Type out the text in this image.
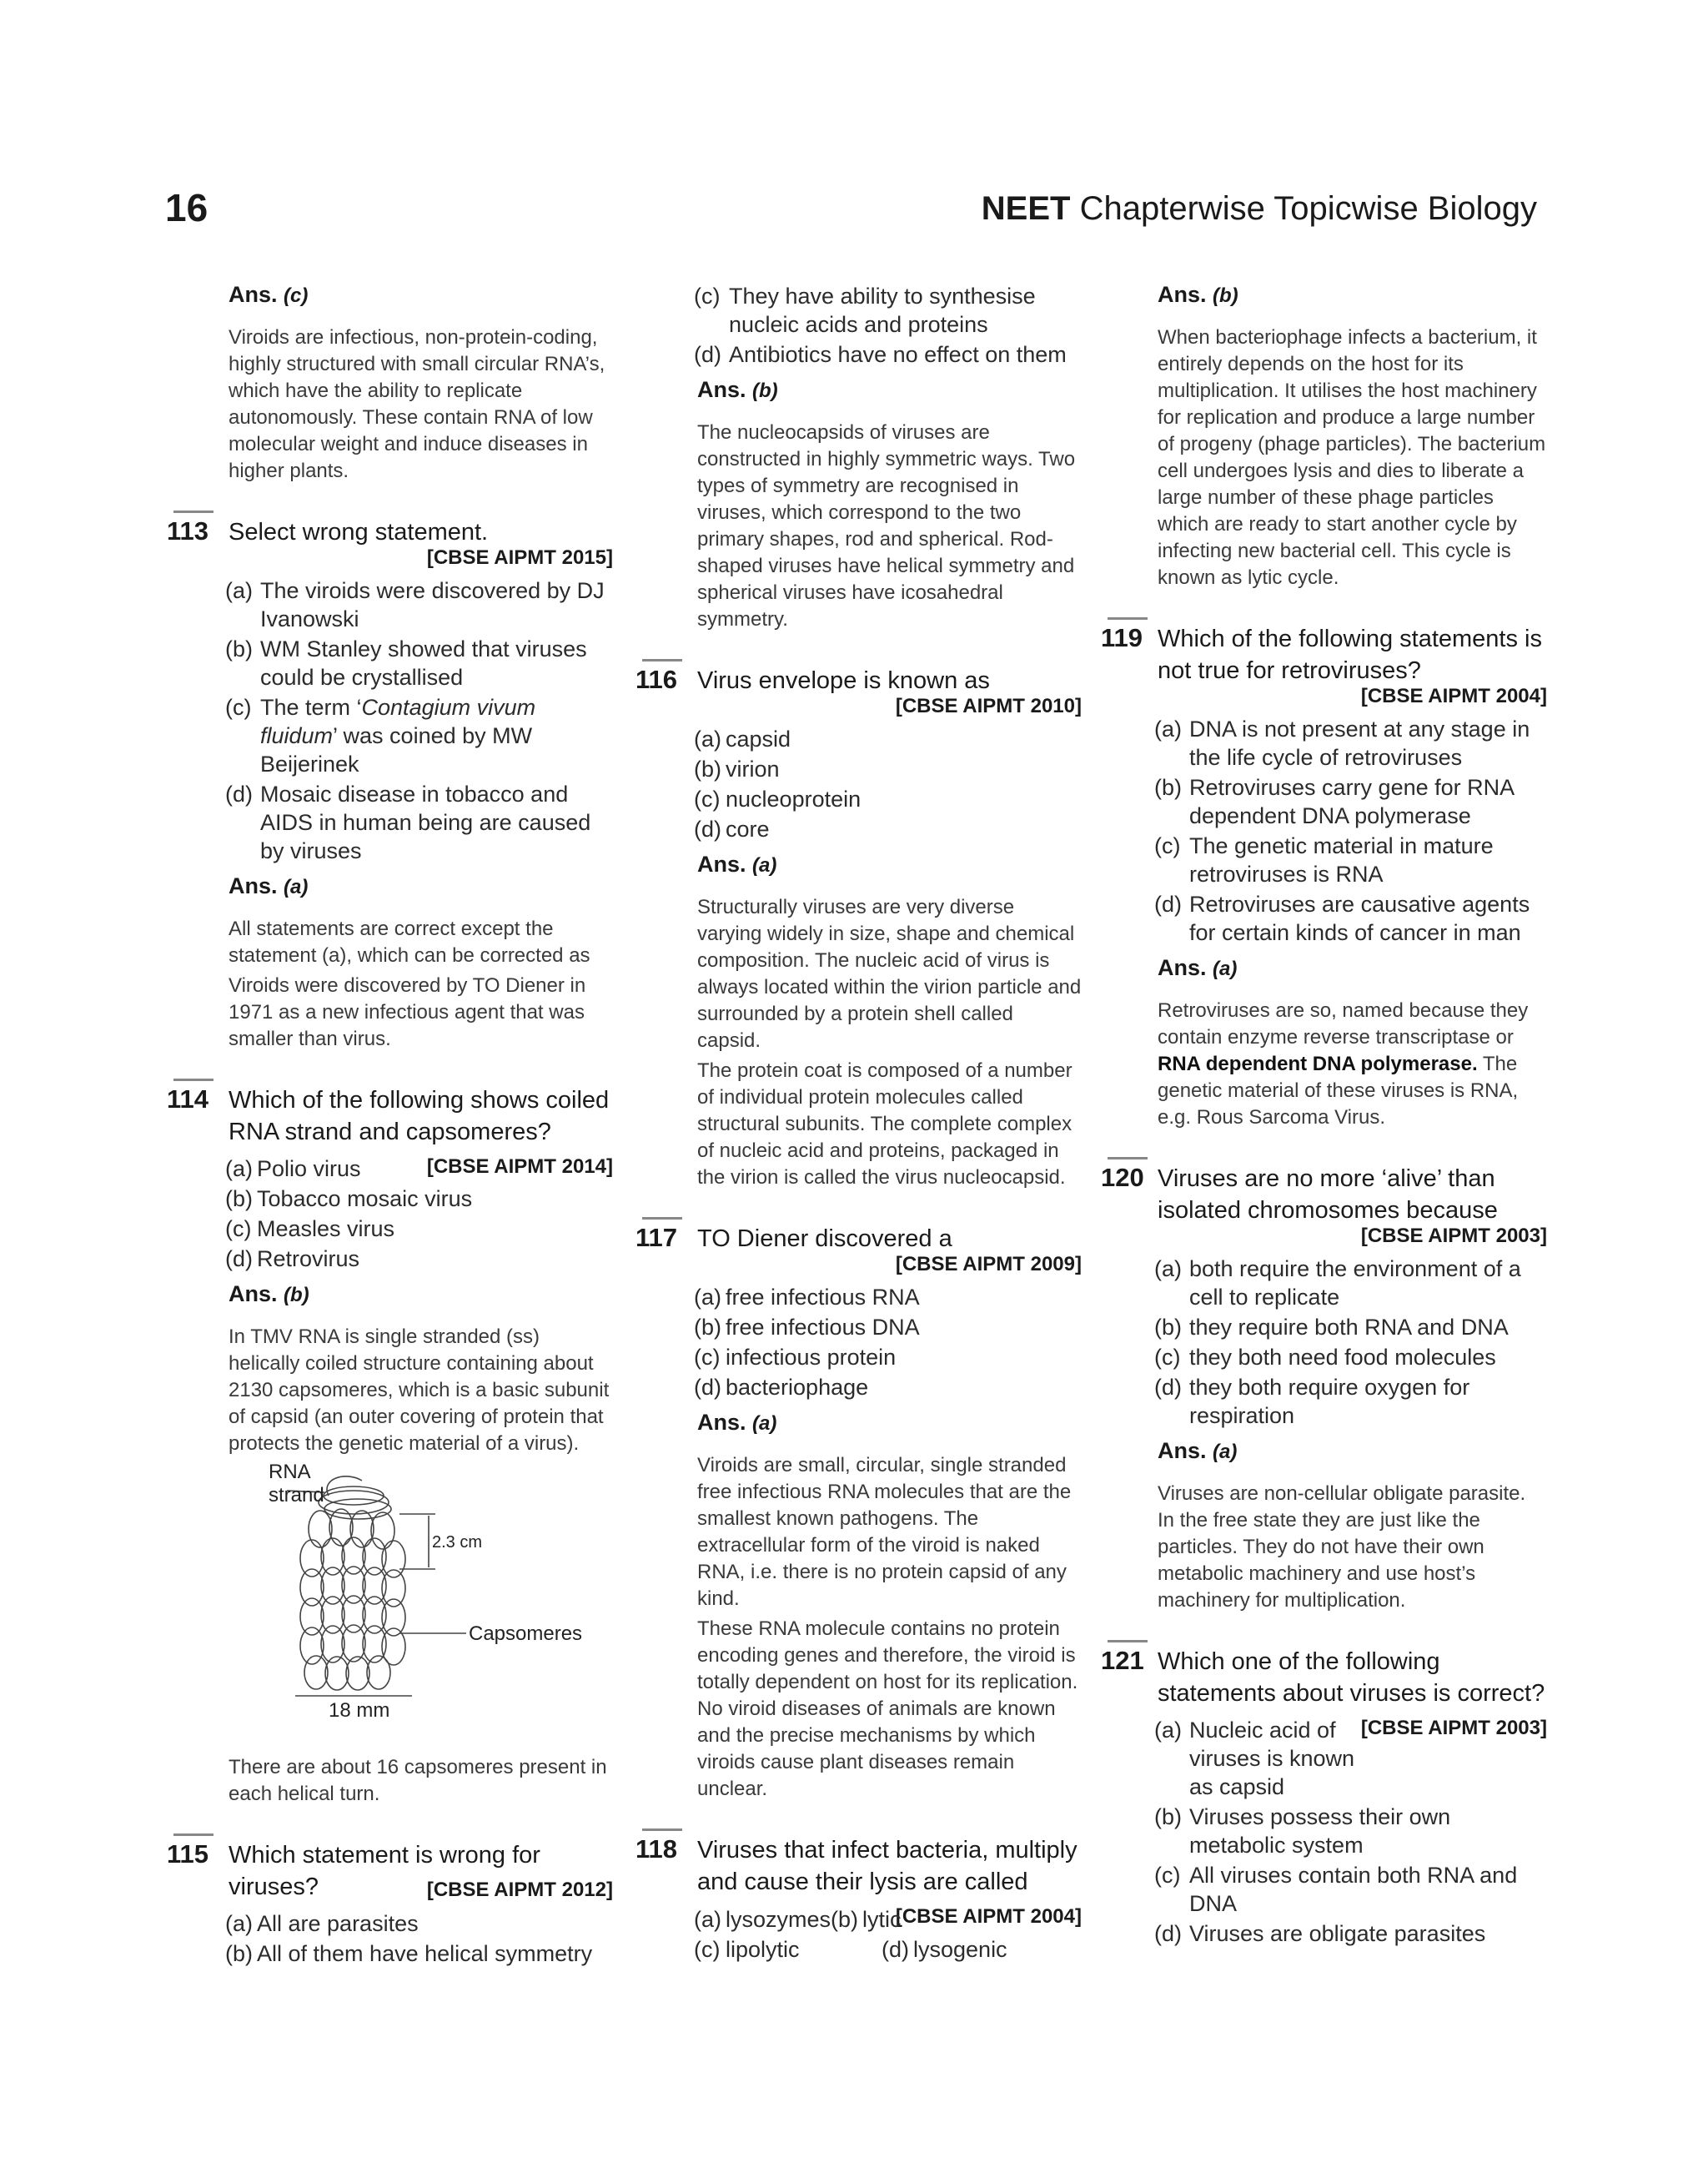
16	NEET Chapterwise Topicwise Biology
Ans. (c)
Viroids are infectious, non-protein-coding, highly structured with small circular RNA’s, which have the ability to replicate autonomously. These contain RNA of low molecular weight and induce diseases in higher plants.
113 Select wrong statement.
[CBSE AIPMT 2015]
(a) The viroids were discovered by DJ Ivanowski
(b) WM Stanley showed that viruses could be crystallised
(c) The term ‘Contagium vivum fluidum’ was coined by MW Beijerinek
(d) Mosaic disease in tobacco and AIDS in human being are caused by viruses
Ans. (a)
All statements are correct except the statement (a), which can be corrected as
Viroids were discovered by TO Diener in 1971 as a new infectious agent that was smaller than virus.
114 Which of the following shows coiled RNA strand and capsomeres?
[CBSE AIPMT 2014]
(a) Polio virus
(b) Tobacco mosaic virus
(c) Measles virus
(d) Retrovirus
Ans. (b)
In TMV RNA is single stranded (ss) helically coiled structure containing about 2130 capsomeres, which is a basic subunit of capsid (an outer covering of protein that protects the genetic material of a virus).
RNA
strand
2.3 cm
Capsomeres
18 mm
There are about 16 capsomeres present in each helical turn.
115 Which statement is wrong for viruses?	[CBSE AIPMT 2012]
(a) All are parasites
(b) All of them have helical symmetry
(c) They have ability to synthesise nucleic acids and proteins
(d) Antibiotics have no effect on them
Ans. (b)
The nucleocapsids of viruses are constructed in highly symmetric ways. Two types of symmetry are recognised in viruses, which correspond to the two primary shapes, rod and spherical. Rod-shaped viruses have helical symmetry and spherical viruses have icosahedral symmetry.
116 Virus envelope is known as
[CBSE AIPMT 2010]
(a) capsid
(b) virion
(c) nucleoprotein
(d) core
Ans. (a)
Structurally viruses are very diverse varying widely in size, shape and chemical composition. The nucleic acid of virus is always located within the virion particle and surrounded by a protein shell called capsid.
The protein coat is composed of a number of individual protein molecules called structural subunits. The complete complex of nucleic acid and proteins, packaged in the virion is called the virus nucleocapsid.
117 TO Diener discovered a
[CBSE AIPMT 2009]
(a) free infectious RNA
(b) free infectious DNA
(c) infectious protein
(d) bacteriophage
Ans. (a)
Viroids are small, circular, single stranded free infectious RNA molecules that are the smallest known pathogens. The extracellular form of the viroid is naked RNA, i.e. there is no protein capsid of any kind.
These RNA molecule contains no protein encoding genes and therefore, the viroid is totally dependent on host for its replication. No viroid diseases of animals are known and the precise mechanisms by which viroids cause plant diseases remain unclear.
118 Viruses that infect bacteria, multiply and cause their lysis are called
[CBSE AIPMT 2004]
(a) lysozymes (b) lytic
(c) lipolytic	(d) lysogenic
Ans. (b)
When bacteriophage infects a bacterium, it entirely depends on the host for its multiplication. It utilises the host machinery for replication and produce a large number of progeny (phage particles). The bacterium cell undergoes lysis and dies to liberate a large number of these phage particles which are ready to start another cycle by infecting new bacterial cell. This cycle is known as lytic cycle.
119 Which of the following statements is not true for retroviruses?
[CBSE AIPMT 2004]
(a) DNA is not present at any stage in the life cycle of retroviruses
(b) Retroviruses carry gene for RNA dependent DNA polymerase
(c) The genetic material in mature retroviruses is RNA
(d) Retroviruses are causative agents for certain kinds of cancer in man
Ans. (a)
Retroviruses are so, named because they contain enzyme reverse transcriptase or RNA dependent DNA polymerase. The genetic material of these viruses is RNA, e.g. Rous Sarcoma Virus.
120 Viruses are no more ‘alive’ than isolated chromosomes because
[CBSE AIPMT 2003]
(a) both require the environment of a cell to replicate
(b) they require both RNA and DNA
(c) they both need food molecules
(d) they both require oxygen for respiration
Ans. (a)
Viruses are non-cellular obligate parasite. In the free state they are just like the particles. They do not have their own metabolic machinery and use host’s machinery for multiplication.
121 Which one of the following statements about viruses is correct?
[CBSE AIPMT 2003]
(a) Nucleic acid of viruses is known as capsid
(b) Viruses possess their own metabolic system
(c) All viruses contain both RNA and DNA
(d) Viruses are obligate parasites
